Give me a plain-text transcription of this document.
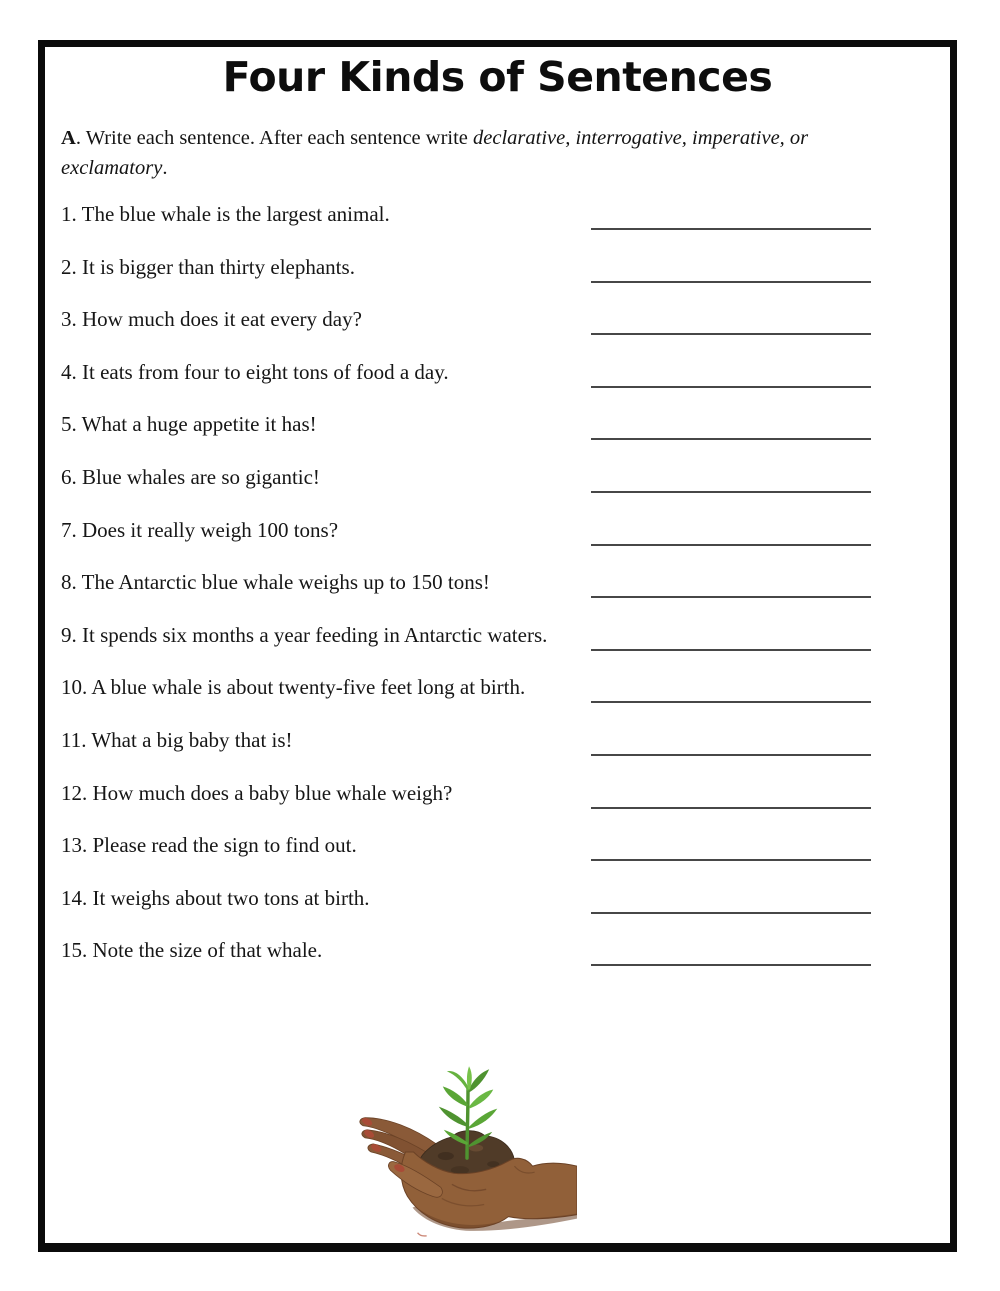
Four Kinds of Sentences

A. Write each sentence. After each sentence write declarative, interrogative, imperative, or
exclamatory.

1. The blue whale is the largest animal.
2. It is bigger than thirty elephants.
3. How much does it eat every day?
4. It eats from four to eight tons of food a day.
5. What a huge appetite it has!
6. Blue whales are so gigantic!
7. Does it really weigh 100 tons?
8. The Antarctic blue whale weighs up to 150 tons!
9. It spends six months a year feeding in Antarctic waters.
10. A blue whale is about twenty-five feet long at birth.
11. What a big baby that is!
12. How much does a baby blue whale weigh?
13. Please read the sign to find out.
14. It weighs about two tons at birth.
15. Note the size of that whale.
